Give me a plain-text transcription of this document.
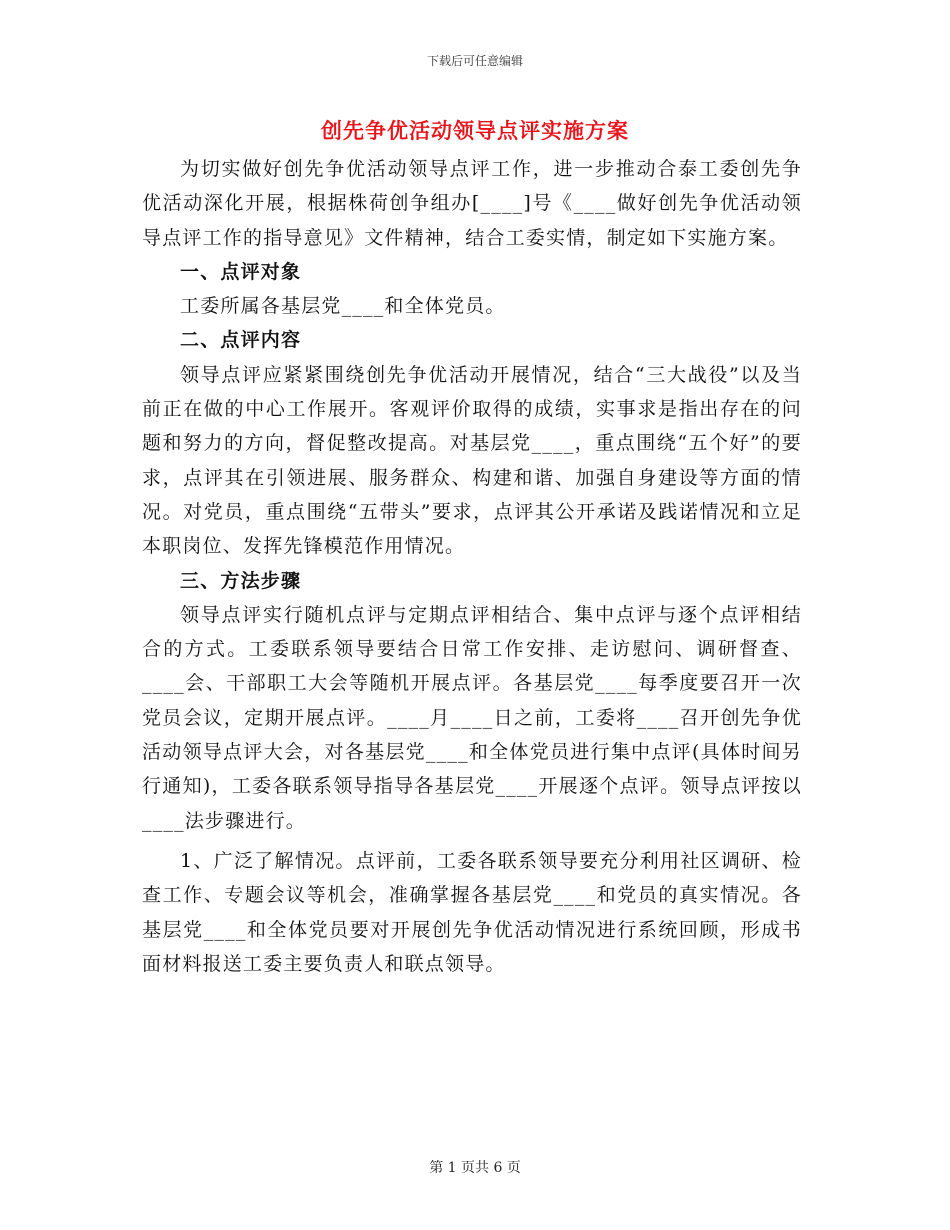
下载后可任意编辑
创先争优活动领导点评实施方案

为切实做好创先争优活动领导点评工作，进一步推动合泰工委创先争优活动深化开展，根据株荷创争组办[____]号《____做好创先争优活动领导点评工作的指导意见》文件精神，结合工委实情，制定如下实施方案。

一、点评对象

工委所属各基层党____和全体党员。

二、点评内容

领导点评应紧紧围绕创先争优活动开展情况，结合“三大战役”以及当前正在做的中心工作展开。客观评价取得的成绩，实事求是指出存在的问题和努力的方向，督促整改提高。对基层党____，重点围绕“五个好”的要求，点评其在引领进展、服务群众、构建和谐、加强自身建设等方面的情况。对党员，重点围绕“五带头”要求，点评其公开承诺及践诺情况和立足本职岗位、发挥先锋模范作用情况。

三、方法步骤

领导点评实行随机点评与定期点评相结合、集中点评与逐个点评相结合的方式。工委联系领导要结合日常工作安排、走访慰问、调研督查、____会、干部职工大会等随机开展点评。各基层党____每季度要召开一次党员会议，定期开展点评。____月____日之前，工委将____召开创先争优活动领导点评大会，对各基层党____和全体党员进行集中点评(具体时间另行通知)，工委各联系领导指导各基层党____开展逐个点评。领导点评按以____法步骤进行。

1、广泛了解情况。点评前，工委各联系领导要充分利用社区调研、检查工作、专题会议等机会，准确掌握各基层党____和党员的真实情况。各基层党____和全体党员要对开展创先争优活动情况进行系统回顾，形成书面材料报送工委主要负责人和联点领导。

第 1 页共 6 页
